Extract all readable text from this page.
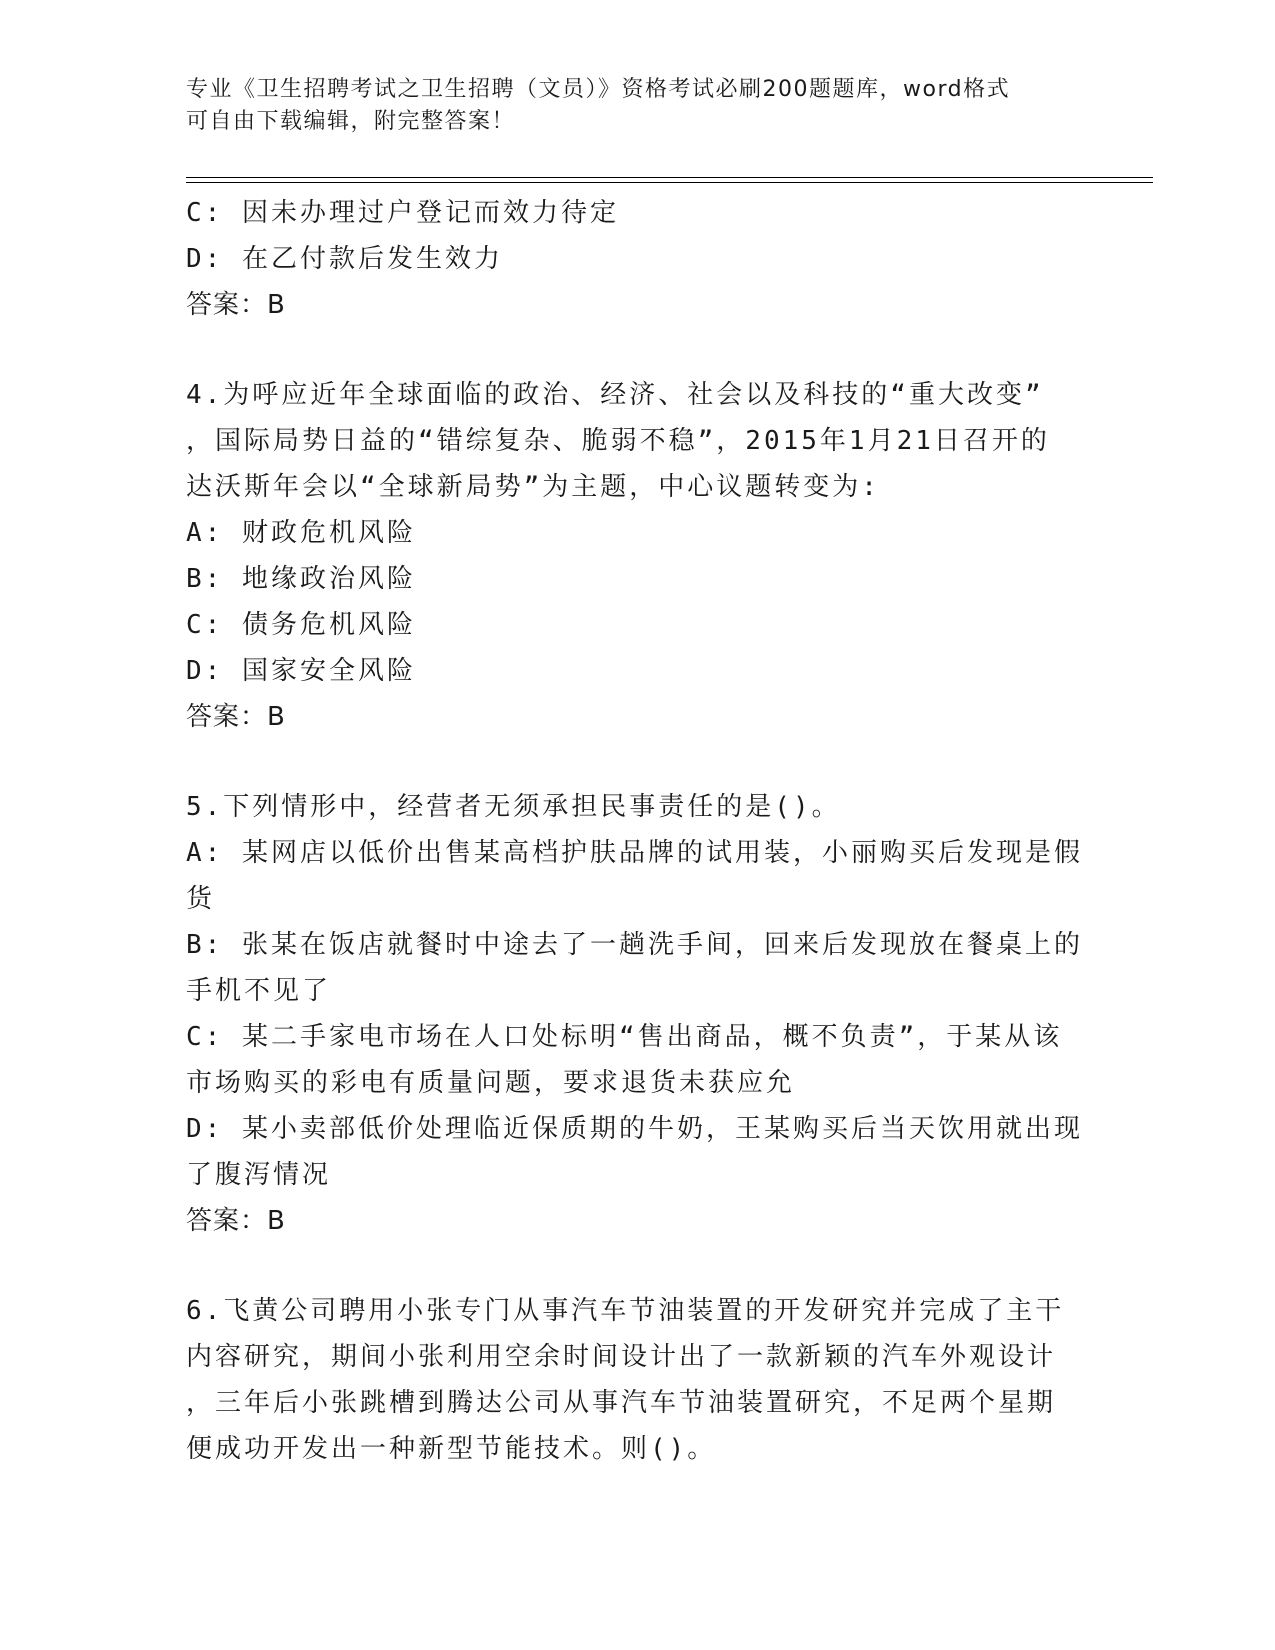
专业《卫生招聘考试之卫生招聘（文员）》资格考试必刷200题题库，word格式
可自由下载编辑，附完整答案！
C: 因未办理过户登记而效力待定
D: 在乙付款后发生效力
答案：B
4.为呼应近年全球面临的政治、经济、社会以及科技的“重大改变”
，国际局势日益的“错综复杂、脆弱不稳”，2015年1月21日召开的
达沃斯年会以“全球新局势”为主题，中心议题转变为:
A: 财政危机风险
B: 地缘政治风险
C: 债务危机风险
D: 国家安全风险
答案：B
5.下列情形中，经营者无须承担民事责任的是()。
A: 某网店以低价出售某高档护肤品牌的试用装，小丽购买后发现是假
货
B: 张某在饭店就餐时中途去了一趟洗手间，回来后发现放在餐桌上的
手机不见了
C: 某二手家电市场在人口处标明“售出商品，概不负责”，于某从该
市场购买的彩电有质量问题，要求退货未获应允
D: 某小卖部低价处理临近保质期的牛奶，王某购买后当天饮用就出现
了腹泻情况
答案：B
6.飞黄公司聘用小张专门从事汽车节油装置的开发研究并完成了主干
内容研究，期间小张利用空余时间设计出了一款新颖的汽车外观设计
，三年后小张跳槽到腾达公司从事汽车节油装置研究，不足两个星期
便成功开发出一种新型节能技术。则()。
